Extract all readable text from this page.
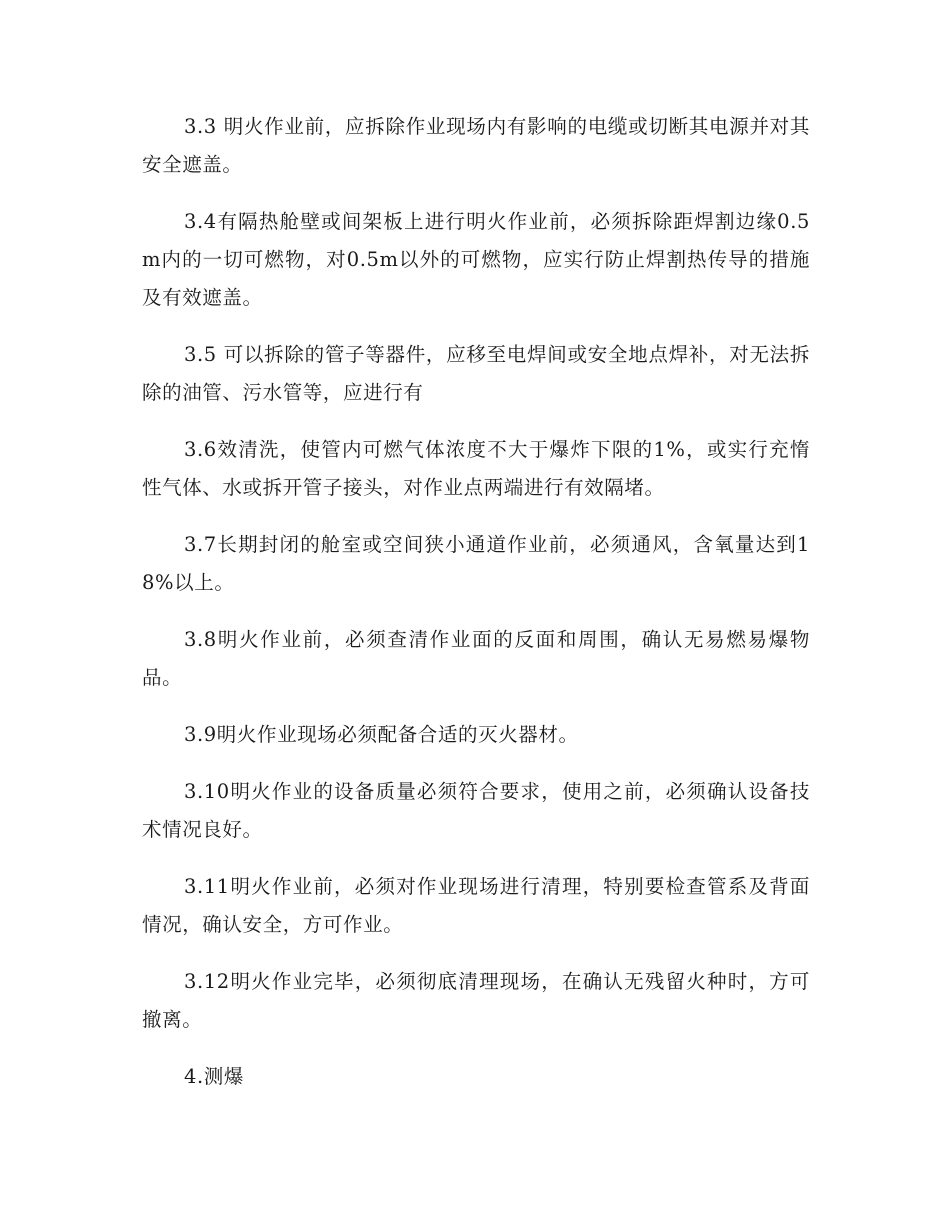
3.3 明火作业前，应拆除作业现场内有影响的电缆或切断其电源并对其安全遮盖。

3.4有隔热舱壁或间架板上进行明火作业前，必须拆除距焊割边缘0.5m内的一切可燃物，对0.5m以外的可燃物，应实行防止焊割热传导的措施及有效遮盖。

3.5 可以拆除的管子等器件，应移至电焊间或安全地点焊补，对无法拆除的油管、污水管等，应进行有

3.6效清洗，使管内可燃气体浓度不大于爆炸下限的1%，或实行充惰性气体、水或拆开管子接头，对作业点两端进行有效隔堵。

3.7长期封闭的舱室或空间狭小通道作业前，必须通风，含氧量达到18%以上。

3.8明火作业前，必须查清作业面的反面和周围，确认无易燃易爆物品。

3.9明火作业现场必须配备合适的灭火器材。

3.10明火作业的设备质量必须符合要求，使用之前，必须确认设备技术情况良好。

3.11明火作业前，必须对作业现场进行清理，特别要检查管系及背面情况，确认安全，方可作业。

3.12明火作业完毕，必须彻底清理现场，在确认无残留火种时，方可撤离。

4.测爆
